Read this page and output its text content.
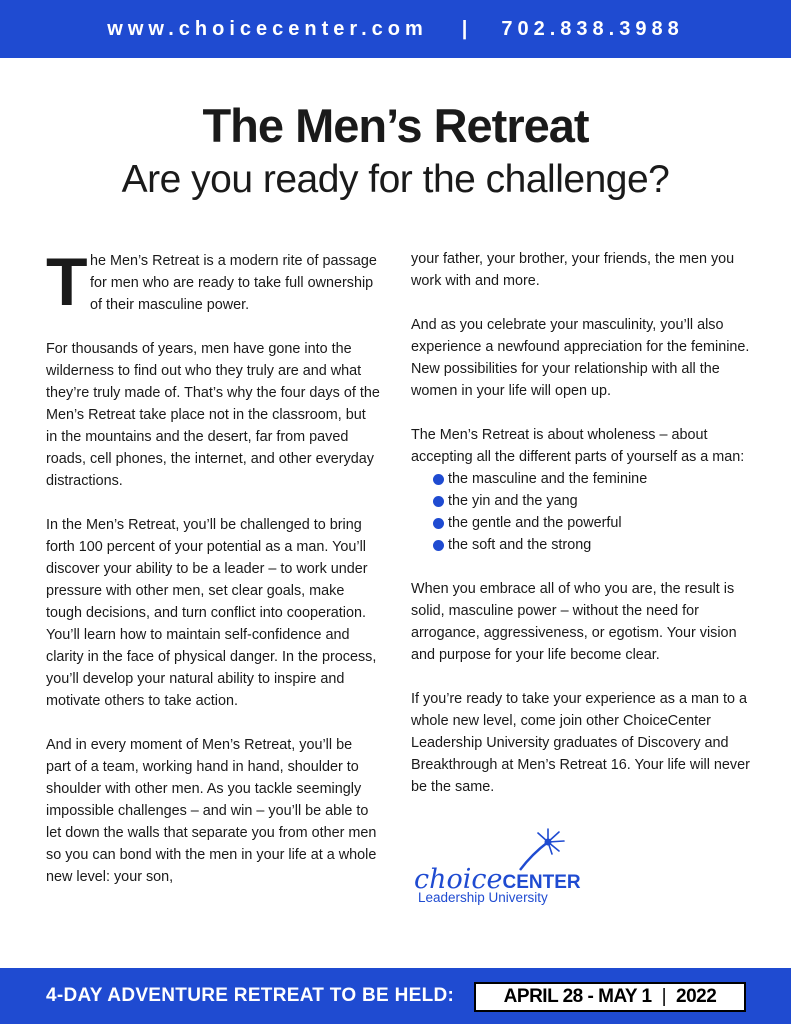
www.choicecenter.com | 702.838.3988
The Men’s Retreat
Are you ready for the challenge?

T he Men’s Retreat is a modern rite of passage for men who are ready to take full ownership of their masculine power.

For thousands of years, men have gone into the wilderness to find out who they truly are and what they’re truly made of. That’s why the four days of the Men’s Retreat take place not in the classroom, but in the mountains and the desert, far from paved roads, cell phones, the internet, and other everyday distractions.

In the Men’s Retreat, you’ll be challenged to bring forth 100 percent of your potential as a man. You’ll discover your ability to be a leader – to work under pressure with other men, set clear goals, make tough decisions, and turn conflict into cooperation. You’ll learn how to maintain self-confidence and clarity in the face of physical danger. In the process, you’ll develop your natural ability to inspire and motivate others to take action.

And in every moment of Men’s Retreat, you’ll be part of a team, working hand in hand, shoulder to shoulder with other men. As you tackle seemingly impossible challenges – and win – you’ll be able to let down the walls that separate you from other men so you can bond with the men in your life at a whole new level: your son,

your father, your brother, your friends, the men you work with and more.

And as you celebrate your masculinity, you’ll also experience a newfound appreciation for the feminine. New possibilities for your relationship with all the women in your life will open up.

The Men’s Retreat is about wholeness – about accepting all the different parts of yourself as a man:

the masculine and the feminine
the yin and the yang
the gentle and the powerful
the soft and the strong

When you embrace all of who you are, the result is solid, masculine power – without the need for arrogance, aggressiveness, or egotism. Your vision and purpose for your life become clear.

If you’re ready to take your experience as a man to a whole new level, come join other ChoiceCenter Leadership University graduates of Discovery and Breakthrough at Men’s Retreat 16. Your life will never be the same.

choiceCENTER
Leadership University
4-DAY ADVENTURE RETREAT TO BE HELD:	APRIL 28 - MAY 1 | 2022
